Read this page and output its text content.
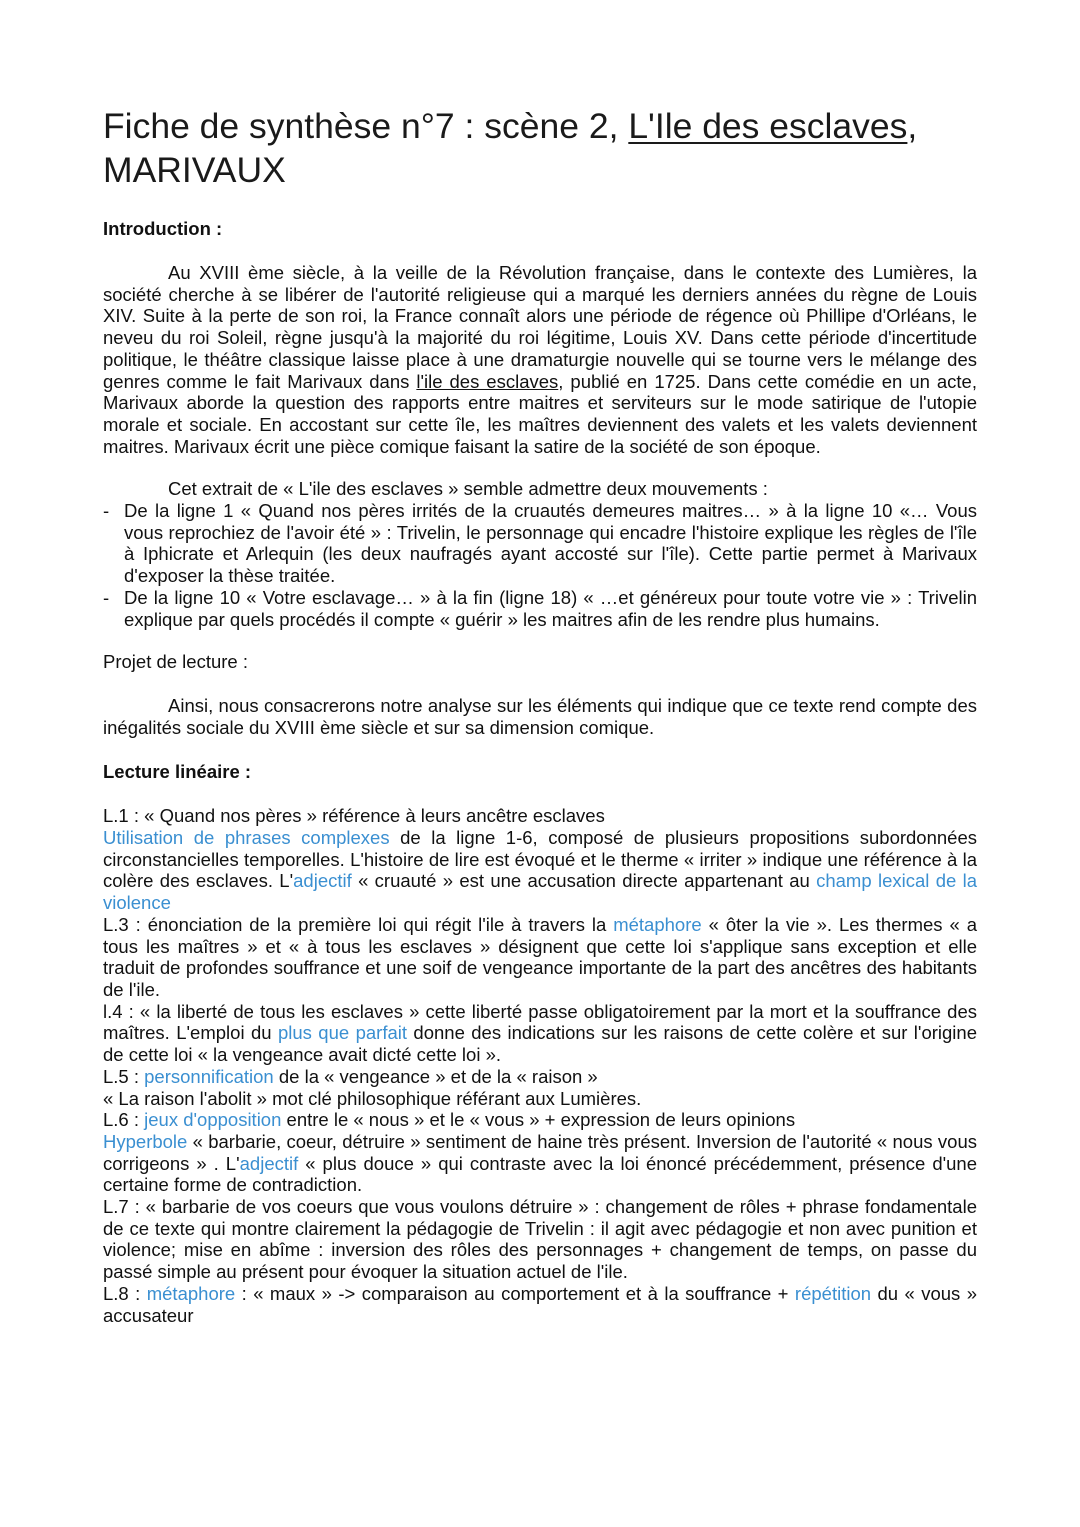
Fiche de synthèse n°7 : scène 2, L'Ile des esclaves,
MARIVAUX

Introduction :

Au XVIII ème siècle, à la veille de la Révolution française, dans le contexte des Lumières, la société cherche à se libérer de l'autorité religieuse qui a marqué les derniers années du règne de Louis XIV. Suite à la perte de son roi, la France connaît alors une période de régence où Phillipe d'Orléans, le neveu du roi Soleil, règne jusqu'à la majorité du roi légitime, Louis XV. Dans cette période d'incertitude politique, le théâtre classique laisse place à une dramaturgie nouvelle qui se tourne vers le mélange des genres comme le fait Marivaux dans l'ile des esclaves, publié en 1725. Dans cette comédie en un acte, Marivaux aborde la question des rapports entre maitres et serviteurs sur le mode satirique de l'utopie morale et sociale. En accostant sur cette île, les maîtres deviennent des valets et les valets deviennent maitres. Marivaux écrit une pièce comique faisant la satire de la société de son époque.

Cet extrait de « L'ile des esclaves » semble admettre deux mouvements :

- De la ligne 1 « Quand nos pères irrités de la cruautés demeures maitres… » à la ligne 10 «… Vous vous reprochiez de l'avoir été » : Trivelin, le personnage qui encadre l'histoire explique les règles de l'île à Iphicrate et Arlequin (les deux naufragés ayant accosté sur l'île). Cette partie permet à Marivaux d'exposer la thèse traitée.
- De la ligne 10 « Votre esclavage… » à la fin (ligne 18) « …et généreux pour toute votre vie » : Trivelin explique par quels procédés il compte « guérir » les maitres afin de les rendre plus humains.

Projet de lecture :

Ainsi, nous consacrerons notre analyse sur les éléments qui indique que ce texte rend compte des inégalités sociale du XVIII ème siècle et sur sa dimension comique.

Lecture linéaire :

L.1 : « Quand nos pères » référence à leurs ancêtre esclaves

Utilisation de phrases complexes de la ligne 1-6, composé de plusieurs propositions subordonnées circonstancielles temporelles. L'histoire de lire est évoqué et le therme « irriter » indique une référence à la colère des esclaves. L'adjectif « cruauté » est une accusation directe appartenant au champ lexical de la violence

L.3 : énonciation de la première loi qui régit l'ile à travers la métaphore « ôter la vie ». Les thermes « a tous les maîtres » et « à tous les esclaves » désignent que cette loi s'applique sans exception et elle traduit de profondes souffrance et une soif de vengeance importante de la part des ancêtres des habitants de l'ile.

l.4 : « la liberté de tous les esclaves » cette liberté passe obligatoirement par la mort et la souffrance des maîtres. L'emploi du plus que parfait donne des indications sur les raisons de cette colère et sur l'origine de cette loi « la vengeance avait dicté cette loi ».

L.5 : personnification de la « vengeance » et de la « raison »

« La raison l'abolit » mot clé philosophique référant aux Lumières.

L.6 : jeux d'opposition entre le « nous » et le « vous » + expression de leurs opinions

Hyperbole « barbarie, coeur, détruire » sentiment de haine très présent. Inversion de l'autorité « nous vous corrigeons » . L'adjectif « plus douce » qui contraste avec la loi énoncé précédemment, présence d'une certaine forme de contradiction.

L.7 : « barbarie de vos coeurs que vous voulons détruire » : changement de rôles + phrase fondamentale de ce texte qui montre clairement la pédagogie de Trivelin : il agit avec pédagogie et non avec punition et violence; mise en abîme : inversion des rôles des personnages + changement de temps, on passe du passé simple au présent pour évoquer la situation actuel de l'ile.

L.8 : métaphore : « maux » -> comparaison au comportement et à la souffrance + répétition du « vous » accusateur
